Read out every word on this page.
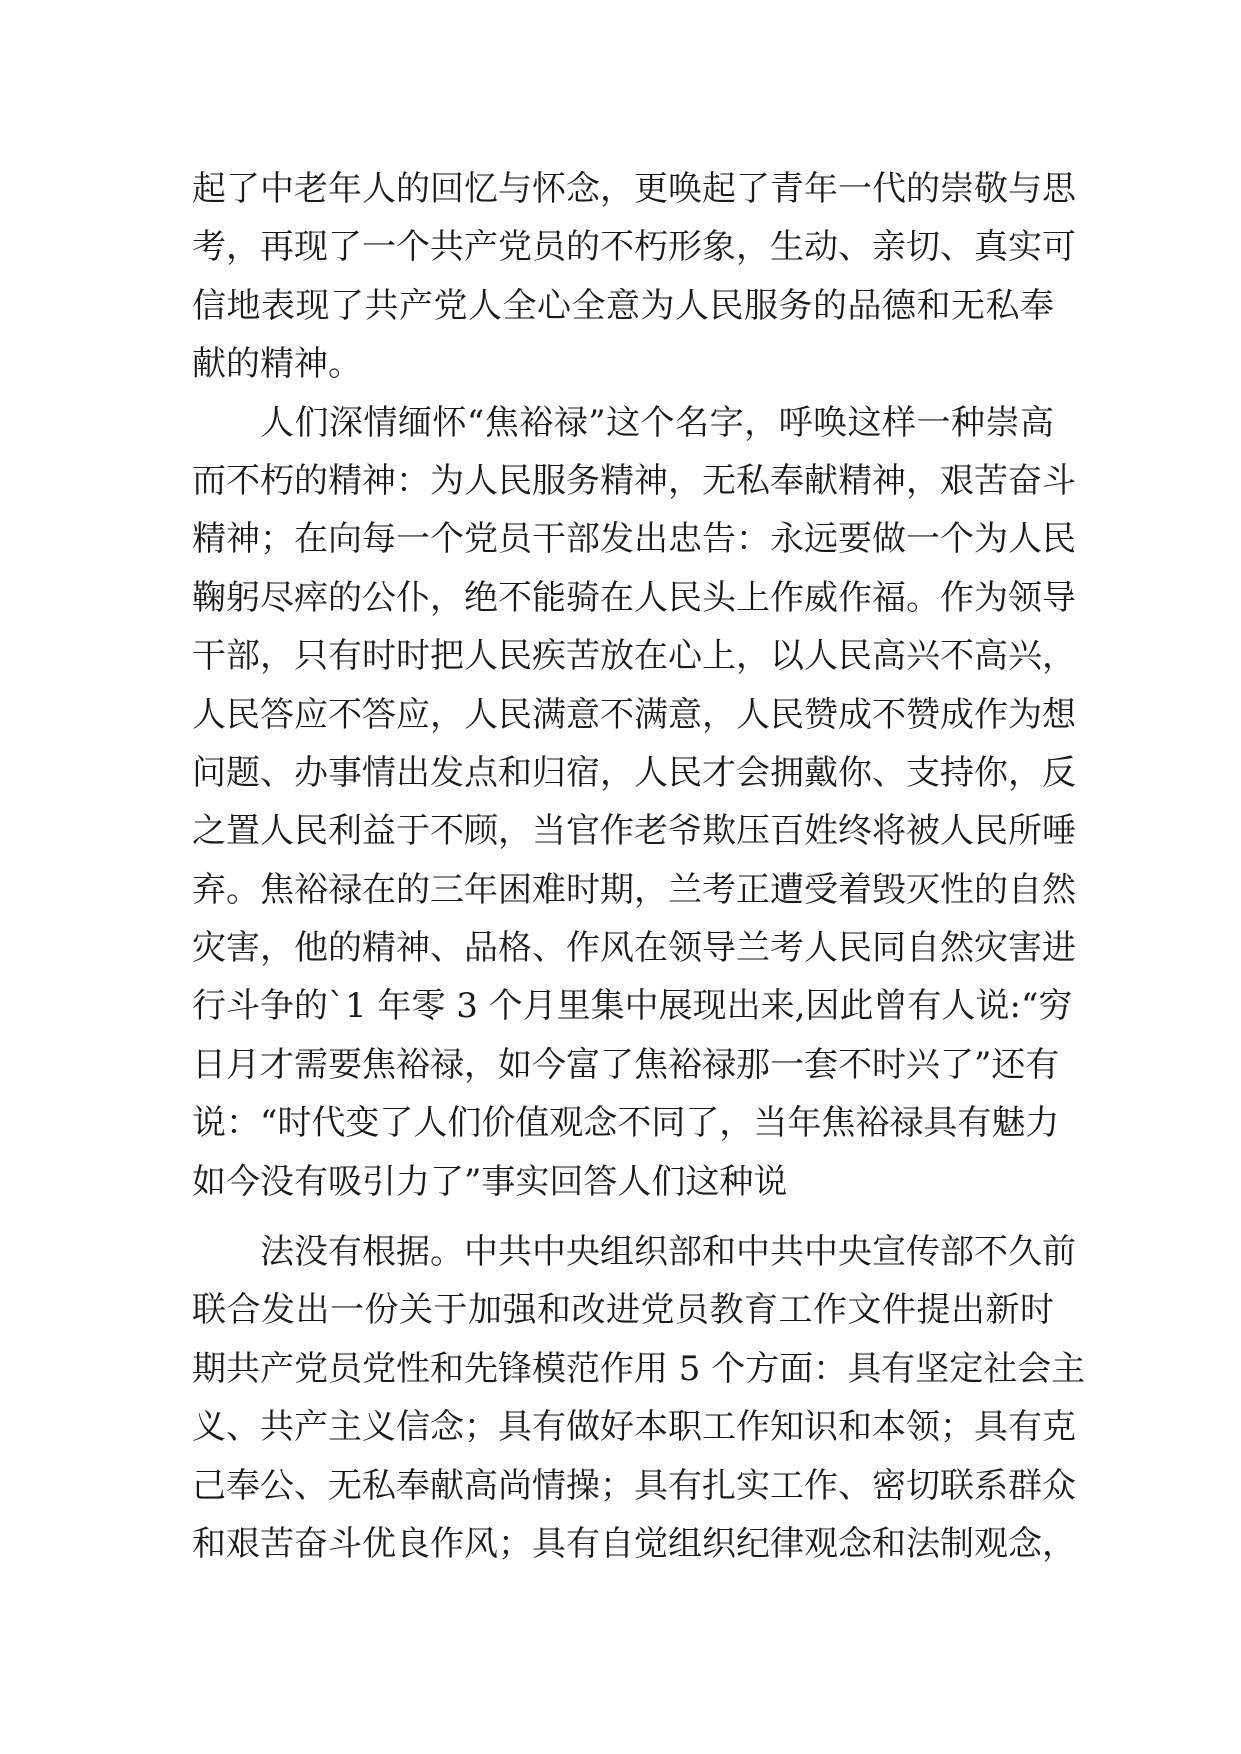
起了中老年人的回忆与怀念，更唤起了青年一代的崇敬与思
考，再现了一个共产党员的不朽形象，生动、亲切、真实可
信地表现了共产党人全心全意为人民服务的品德和无私奉
献的精神。
人们深情缅怀“焦裕禄”这个名字，呼唤这样一种崇高
而不朽的精神：为人民服务精神，无私奉献精神，艰苦奋斗
精神；在向每一个党员干部发出忠告：永远要做一个为人民
鞠躬尽瘁的公仆，绝不能骑在人民头上作威作福。作为领导
干部，只有时时把人民疾苦放在心上，以人民高兴不高兴，
人民答应不答应，人民满意不满意，人民赞成不赞成作为想
问题、办事情出发点和归宿，人民才会拥戴你、支持你，反
之置人民利益于不顾，当官作老爷欺压百姓终将被人民所唾
弃。焦裕禄在的三年困难时期，兰考正遭受着毁灭性的自然
灾害，他的精神、品格、作风在领导兰考人民同自然灾害进
行斗争的`1 年零 3 个月里集中展现出来,因此曾有人说:“穷
日月才需要焦裕禄，如今富了焦裕禄那一套不时兴了”还有
说：“时代变了人们价值观念不同了，当年焦裕禄具有魅力
如今没有吸引力了”事实回答人们这种说
法没有根据。中共中央组织部和中共中央宣传部不久前
联合发出一份关于加强和改进党员教育工作文件提出新时
期共产党员党性和先锋模范作用 5 个方面：具有坚定社会主
义、共产主义信念；具有做好本职工作知识和本领；具有克
己奉公、无私奉献高尚情操；具有扎实工作、密切联系群众
和艰苦奋斗优良作风；具有自觉组织纪律观念和法制观念，
